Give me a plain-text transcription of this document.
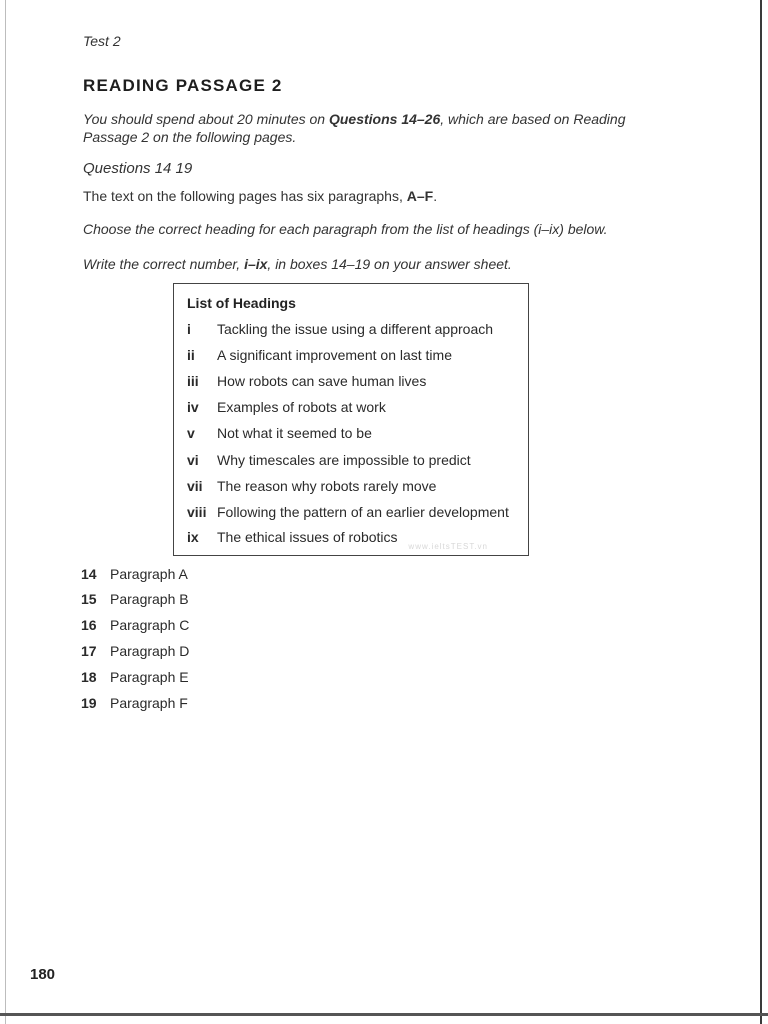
Test 2
READING PASSAGE 2
You should spend about 20 minutes on Questions 14–26, which are based on Reading Passage 2 on the following pages.
Questions 14 19
The text on the following pages has six paragraphs, A–F.
Choose the correct heading for each paragraph from the list of headings (i–ix) below.
Write the correct number, i–ix, in boxes 14–19 on your answer sheet.
List of Headings
i	Tackling the issue using a different approach
ii	A significant improvement on last time
iii	How robots can save human lives
iv	Examples of robots at work
v	Not what it seemed to be
vi	Why timescales are impossible to predict
vii	The reason why robots rarely move
viii Following the pattern of an earlier development
ix	The ethical issues of robotics
www.ieltsTEST.vn
14 Paragraph A
15 Paragraph B
16 Paragraph C
17 Paragraph D
18 Paragraph E
19 Paragraph F
180
